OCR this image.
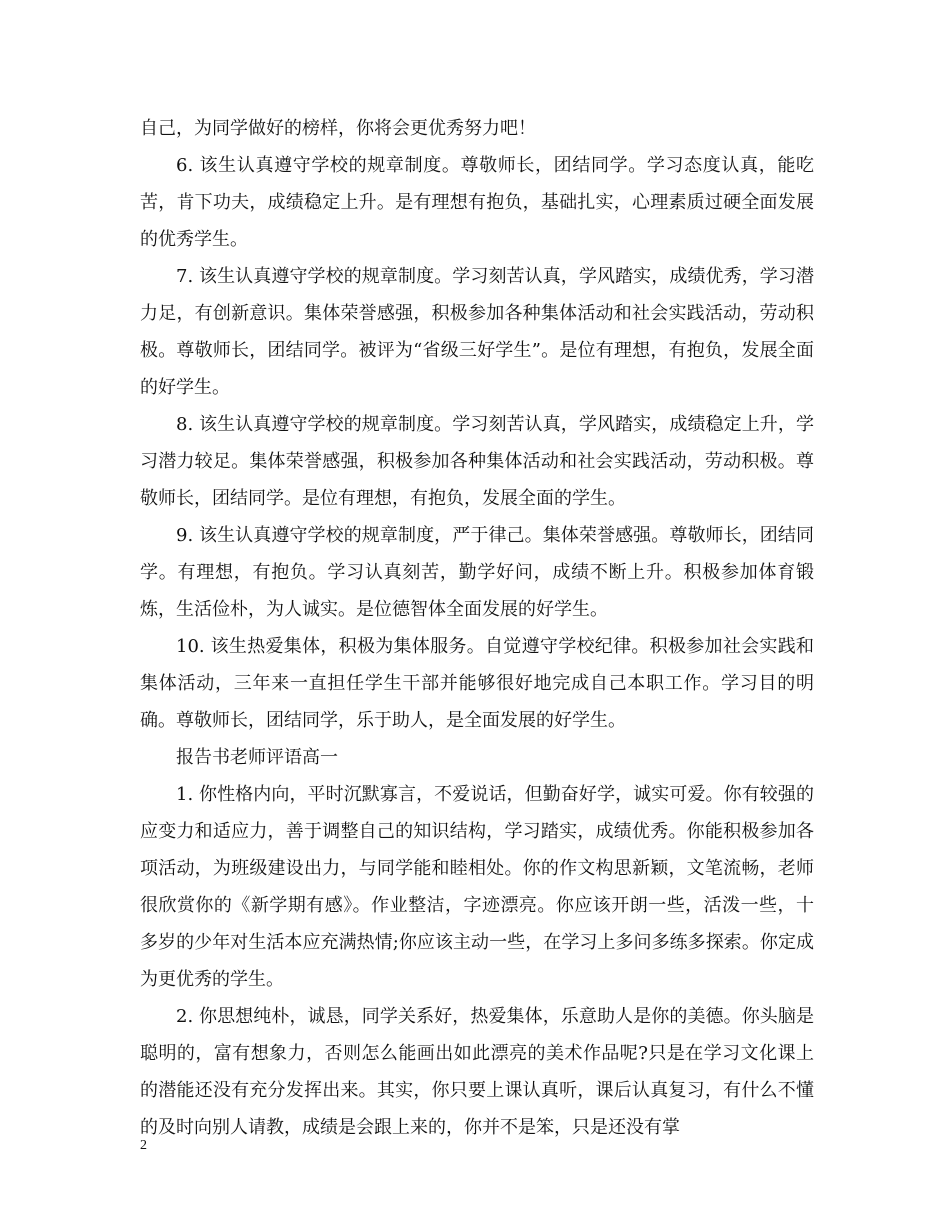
自己，为同学做好的榜样，你将会更优秀努力吧！

6. 该生认真遵守学校的规章制度。尊敬师长，团结同学。学习态度认真，能吃苦，肯下功夫，成绩稳定上升。是有理想有抱负，基础扎实，心理素质过硬全面发展的优秀学生。

7. 该生认真遵守学校的规章制度。学习刻苦认真，学风踏实，成绩优秀，学习潜力足，有创新意识。集体荣誉感强，积极参加各种集体活动和社会实践活动，劳动积极。尊敬师长，团结同学。被评为“省级三好学生”。是位有理想，有抱负，发展全面的好学生。

8. 该生认真遵守学校的规章制度。学习刻苦认真，学风踏实，成绩稳定上升，学习潜力较足。集体荣誉感强，积极参加各种集体活动和社会实践活动，劳动积极。尊敬师长，团结同学。是位有理想，有抱负，发展全面的学生。

9. 该生认真遵守学校的规章制度，严于律己。集体荣誉感强。尊敬师长，团结同学。有理想，有抱负。学习认真刻苦，勤学好问，成绩不断上升。积极参加体育锻炼，生活俭朴，为人诚实。是位德智体全面发展的好学生。

10. 该生热爱集体，积极为集体服务。自觉遵守学校纪律。积极参加社会实践和集体活动，三年来一直担任学生干部并能够很好地完成自己本职工作。学习目的明确。尊敬师长，团结同学，乐于助人，是全面发展的好学生。

报告书老师评语高一

1. 你性格内向，平时沉默寡言，不爱说话，但勤奋好学，诚实可爱。你有较强的应变力和适应力，善于调整自己的知识结构，学习踏实，成绩优秀。你能积极参加各项活动，为班级建设出力，与同学能和睦相处。你的作文构思新颖，文笔流畅，老师很欣赏你的《新学期有感》。作业整洁，字迹漂亮。你应该开朗一些，活泼一些，十多岁的少年对生活本应充满热情;你应该主动一些，在学习上多问多练多探索。你定成为更优秀的学生。

2. 你思想纯朴，诚恳，同学关系好，热爱集体，乐意助人是你的美德。你头脑是聪明的，富有想象力，否则怎么能画出如此漂亮的美术作品呢?只是在学习文化课上的潜能还没有充分发挥出来。其实，你只要上课认真听，课后认真复习，有什么不懂的及时向别人请教，成绩是会跟上来的，你并不是笨，只是还没有掌

2
